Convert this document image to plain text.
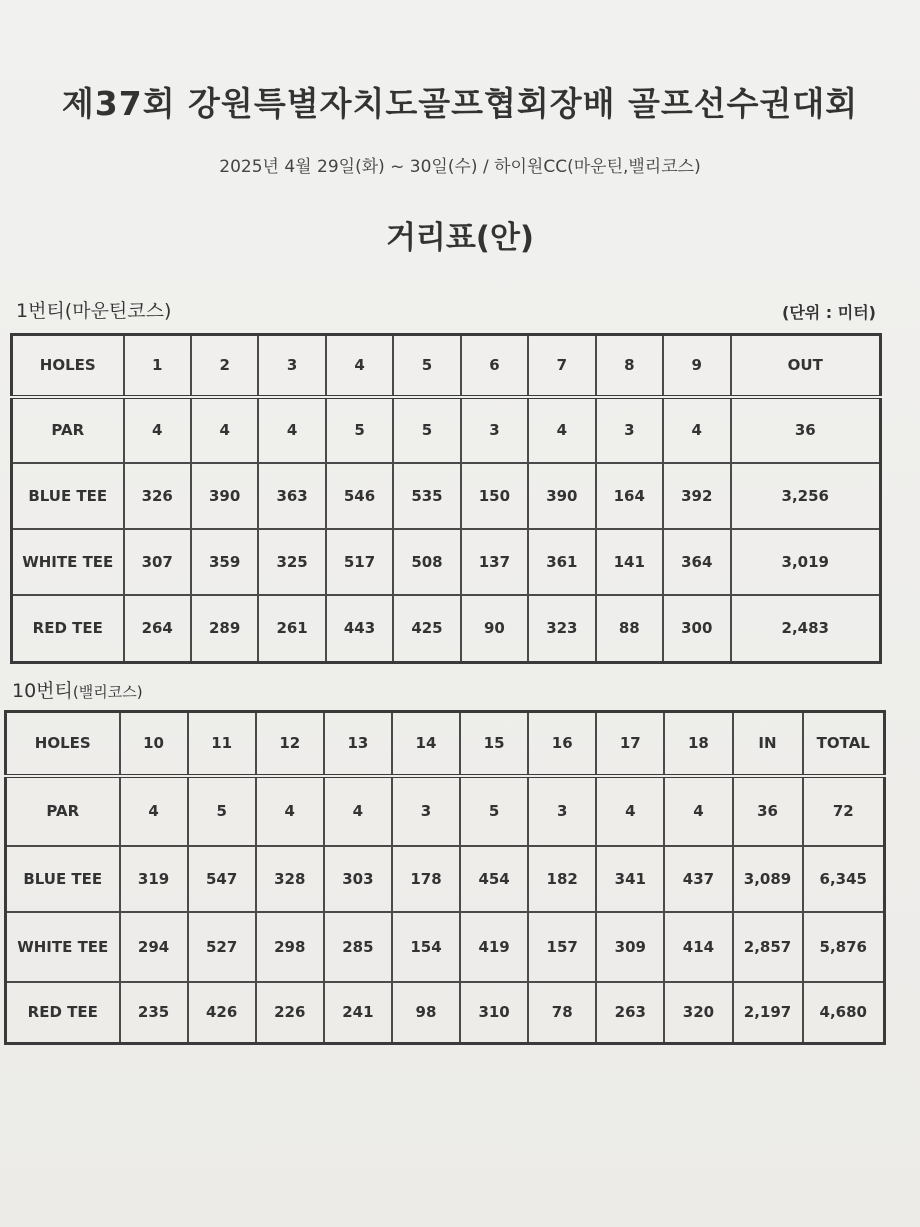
제37회 강원특별자치도골프협회장배 골프선수권대회
2025년 4월 29일(화) ~ 30일(수) / 하이원CC(마운틴,밸리코스)
거리표(안)
1번티(마운틴코스)	(단위 : 미터)
HOLES	1	2	3	4	5	6	7	8	9	OUT
PAR	4	4	4	5	5	3	4	3	4	36
BLUE TEE	326	390	363	546	535	150	390	164	392	3,256
WHITE TEE	307	359	325	517	508	137	361	141	364	3,019
RED TEE	264	289	261	443	425	90	323	88	300	2,483
10번티(밸리코스)
HOLES	10	11	12	13	14	15	16	17	18	IN	TOTAL
PAR	4	5	4	4	3	5	3	4	4	36	72
BLUE TEE	319	547	328	303	178	454	182	341	437	3,089	6,345
WHITE TEE	294	527	298	285	154	419	157	309	414	2,857	5,876
RED TEE	235	426	226	241	98	310	78	263	320	2,197	4,680
